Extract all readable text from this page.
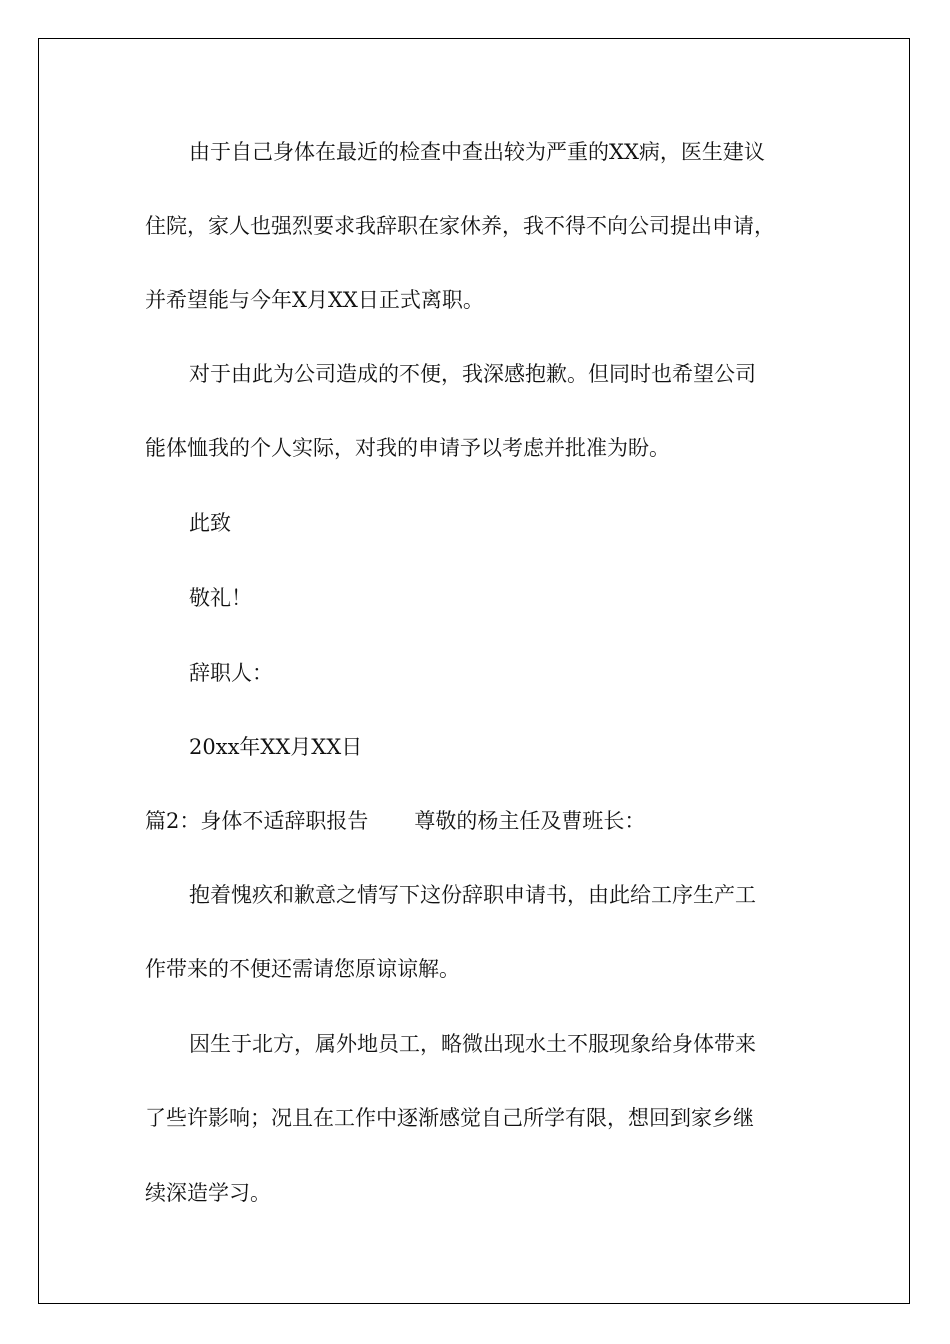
由于自己身体在最近的检查中查出较为严重的XX病，医生建议
住院，家人也强烈要求我辞职在家休养，我不得不向公司提出申请，
并希望能与今年X月XX日正式离职。
对于由此为公司造成的不便，我深感抱歉。但同时也希望公司
能体恤我的个人实际，对我的申请予以考虑并批准为盼。
此致
敬礼！
辞职人：
20xx年XX月XX日
篇2：身体不适辞职报告 尊敬的杨主任及曹班长：
抱着愧疚和歉意之情写下这份辞职申请书，由此给工序生产工
作带来的不便还需请您原谅谅解。
因生于北方，属外地员工，略微出现水土不服现象给身体带来
了些许影响；况且在工作中逐渐感觉自己所学有限，想回到家乡继
续深造学习。
